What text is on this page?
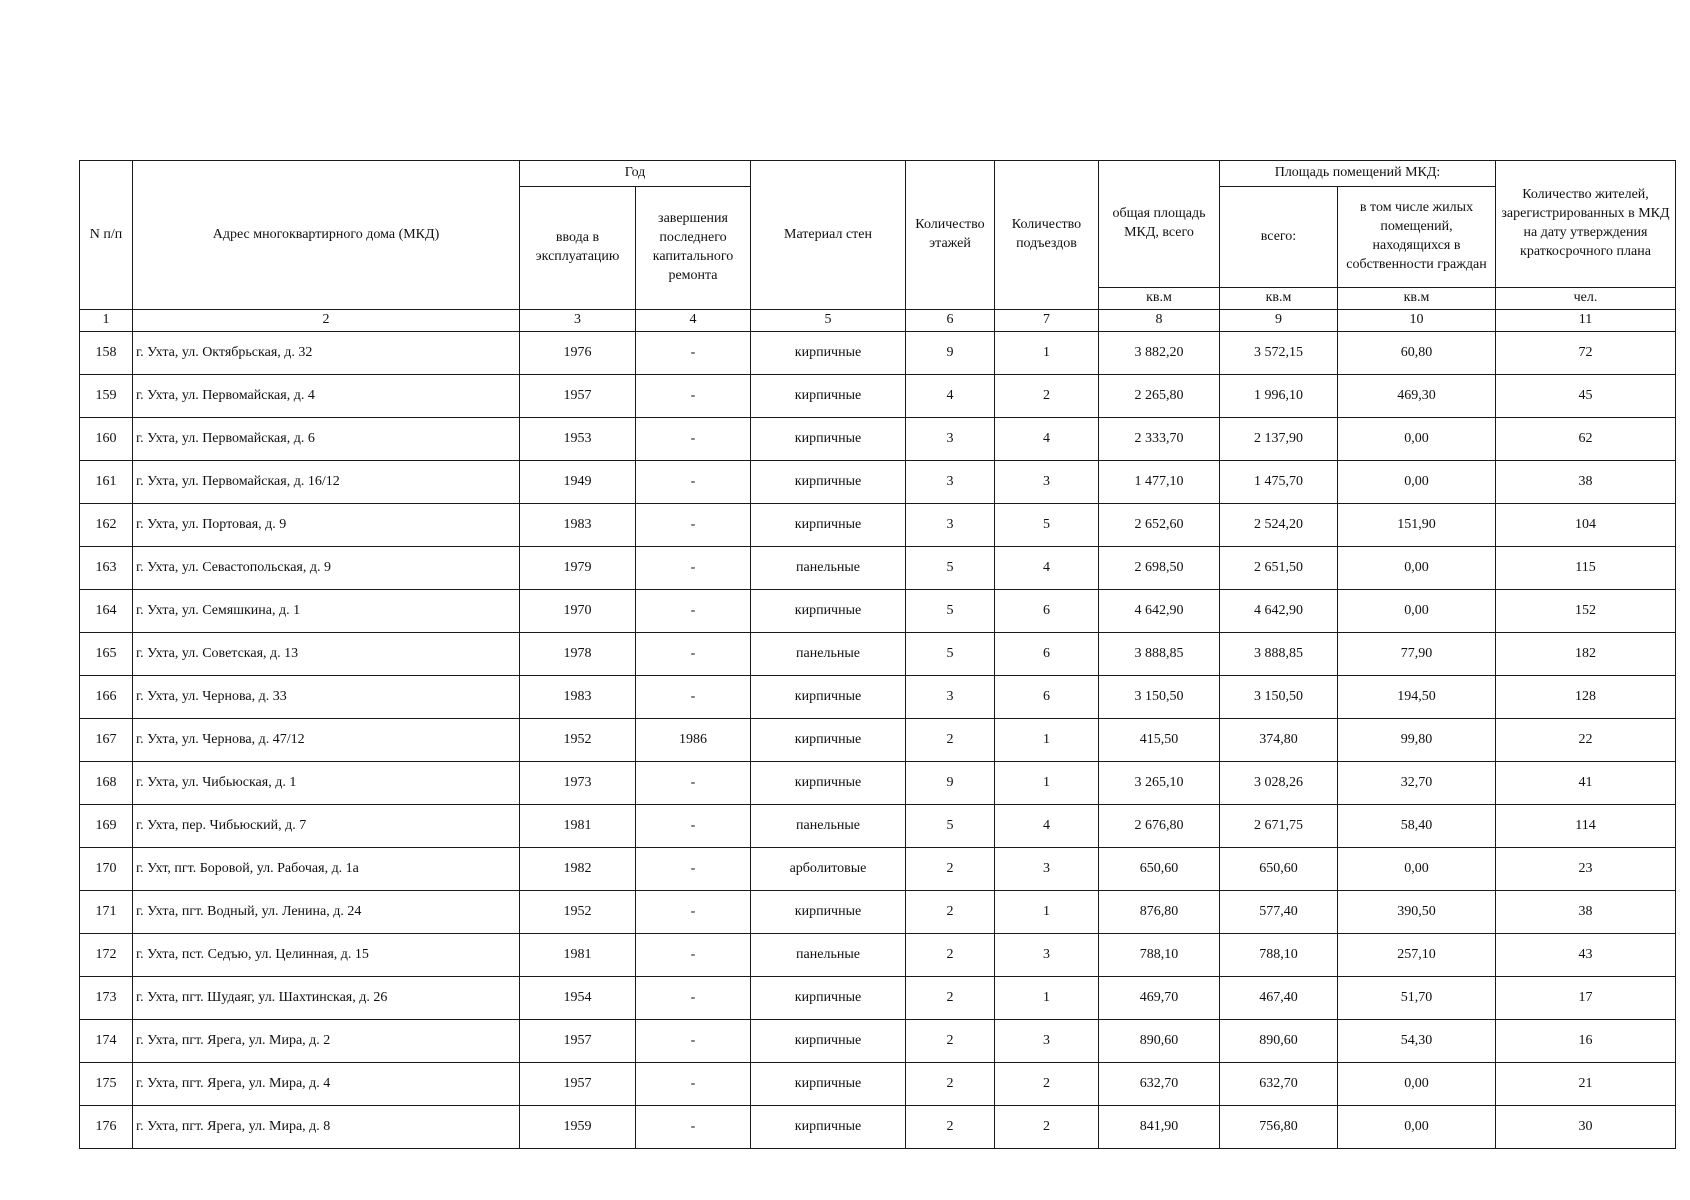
N п/п	Адрес многоквартирного дома (МКД)	Год		Материал стен	Количество этажей	Количество подъездов	общая площадь МКД, всего	Площадь помещений МКД:		Количество жителей, зарегистрированных в МКД на дату утверждения краткосрочного плана
		ввода в эксплуатацию	завершения последнего капитального ремонта					всего:	в том числе жилых помещений, находящихся в собственности граждан	
							кв.м	кв.м	кв.м	чел.
1	2	3	4	5	6	7	8	9	10	11
158	г. Ухта, ул. Октябрьская, д. 32	1976	-	кирпичные	9	1	3 882,20	3 572,15	60,80	72
159	г. Ухта, ул. Первомайская, д. 4	1957	-	кирпичные	4	2	2 265,80	1 996,10	469,30	45
160	г. Ухта, ул. Первомайская, д. 6	1953	-	кирпичные	3	4	2 333,70	2 137,90	0,00	62
161	г. Ухта, ул. Первомайская, д. 16/12	1949	-	кирпичные	3	3	1 477,10	1 475,70	0,00	38
162	г. Ухта, ул. Портовая, д. 9	1983	-	кирпичные	3	5	2 652,60	2 524,20	151,90	104
163	г. Ухта, ул. Севастопольская, д. 9	1979	-	панельные	5	4	2 698,50	2 651,50	0,00	115
164	г. Ухта, ул. Семяшкина, д. 1	1970	-	кирпичные	5	6	4 642,90	4 642,90	0,00	152
165	г. Ухта, ул. Советская, д. 13	1978	-	панельные	5	6	3 888,85	3 888,85	77,90	182
166	г. Ухта, ул. Чернова, д. 33	1983	-	кирпичные	3	6	3 150,50	3 150,50	194,50	128
167	г. Ухта, ул. Чернова, д. 47/12	1952	1986	кирпичные	2	1	415,50	374,80	99,80	22
168	г. Ухта, ул. Чибьюская, д. 1	1973	-	кирпичные	9	1	3 265,10	3 028,26	32,70	41
169	г. Ухта, пер. Чибьюский, д. 7	1981	-	панельные	5	4	2 676,80	2 671,75	58,40	114
170	г. Ухт, пгт. Боровой, ул. Рабочая, д. 1а	1982	-	арболитовые	2	3	650,60	650,60	0,00	23
171	г. Ухта, пгт. Водный, ул. Ленина, д. 24	1952	-	кирпичные	2	1	876,80	577,40	390,50	38
172	г. Ухта, пст. Седъю, ул. Целинная, д. 15	1981	-	панельные	2	3	788,10	788,10	257,10	43
173	г. Ухта, пгт. Шудаяг, ул. Шахтинская, д. 26	1954	-	кирпичные	2	1	469,70	467,40	51,70	17
174	г. Ухта, пгт. Ярега, ул. Мира, д. 2	1957	-	кирпичные	2	3	890,60	890,60	54,30	16
175	г. Ухта, пгт. Ярега, ул. Мира, д. 4	1957	-	кирпичные	2	2	632,70	632,70	0,00	21
176	г. Ухта, пгт. Ярега, ул. Мира, д. 8	1959	-	кирпичные	2	2	841,90	756,80	0,00	30
